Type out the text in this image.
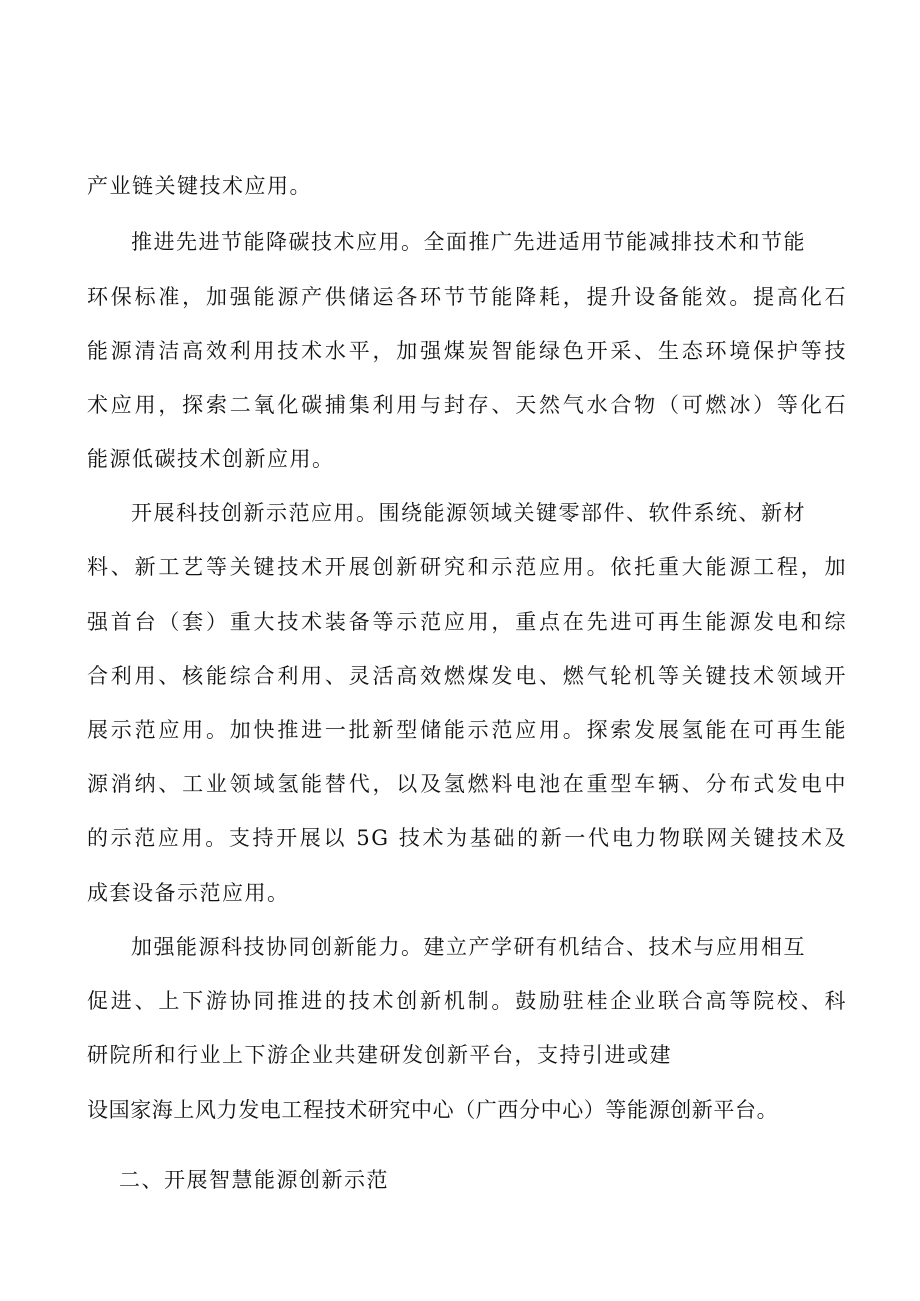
产业链关键技术应用。
推进先进节能降碳技术应用。全面推广先进适用节能减排技术和节能
环保标准，加强能源产供储运各环节节能降耗，提升设备能效。提高化石
能源清洁高效利用技术水平，加强煤炭智能绿色开采、生态环境保护等技
术应用，探索二氧化碳捕集利用与封存、天然气水合物（可燃冰）等化石
能源低碳技术创新应用。
开展科技创新示范应用。围绕能源领域关键零部件、软件系统、新材
料、新工艺等关键技术开展创新研究和示范应用。依托重大能源工程，加
强首台（套）重大技术装备等示范应用，重点在先进可再生能源发电和综
合利用、核能综合利用、灵活高效燃煤发电、燃气轮机等关键技术领域开
展示范应用。加快推进一批新型储能示范应用。探索发展氢能在可再生能
源消纳、工业领域氢能替代，以及氢燃料电池在重型车辆、分布式发电中
的示范应用。支持开展以 5G 技术为基础的新一代电力物联网关键技术及
成套设备示范应用。
加强能源科技协同创新能力。建立产学研有机结合、技术与应用相互
促进、上下游协同推进的技术创新机制。鼓励驻桂企业联合高等院校、科
研院所和行业上下游企业共建研发创新平台，支持引进或建
设国家海上风力发电工程技术研究中心（广西分中心）等能源创新平台。
二、开展智慧能源创新示范
